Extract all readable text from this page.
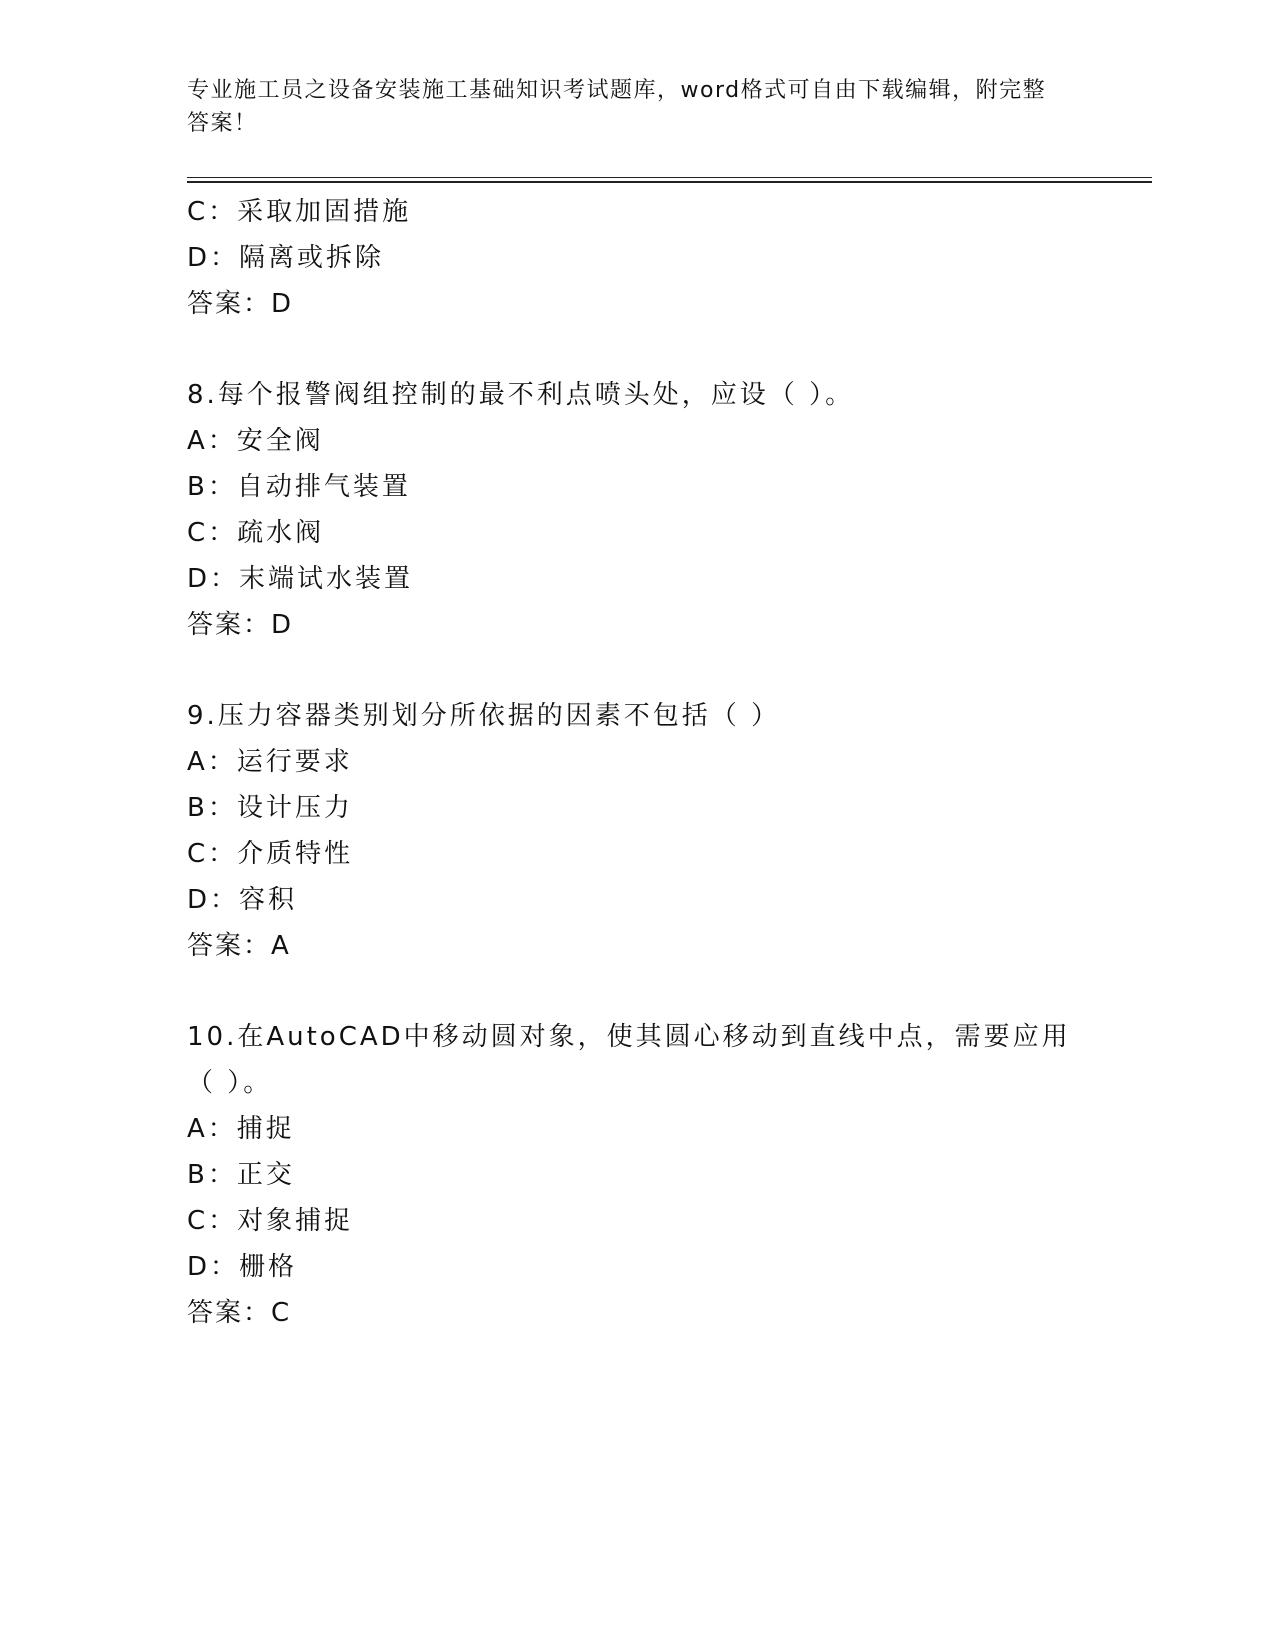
专业施工员之设备安装施工基础知识考试题库，word格式可自由下载编辑，附完整答案！
C：采取加固措施
D：隔离或拆除
答案：D
8.每个报警阀组控制的最不利点喷头处，应设（ ）。
A：安全阀
B：自动排气装置
C：疏水阀
D：末端试水装置
答案：D
9.压力容器类别划分所依据的因素不包括（ ）
A：运行要求
B：设计压力
C：介质特性
D：容积
答案：A
10.在AutoCAD中移动圆对象，使其圆心移动到直线中点，需要应用（ ）。
A：捕捉
B：正交
C：对象捕捉
D：栅格
答案：C
